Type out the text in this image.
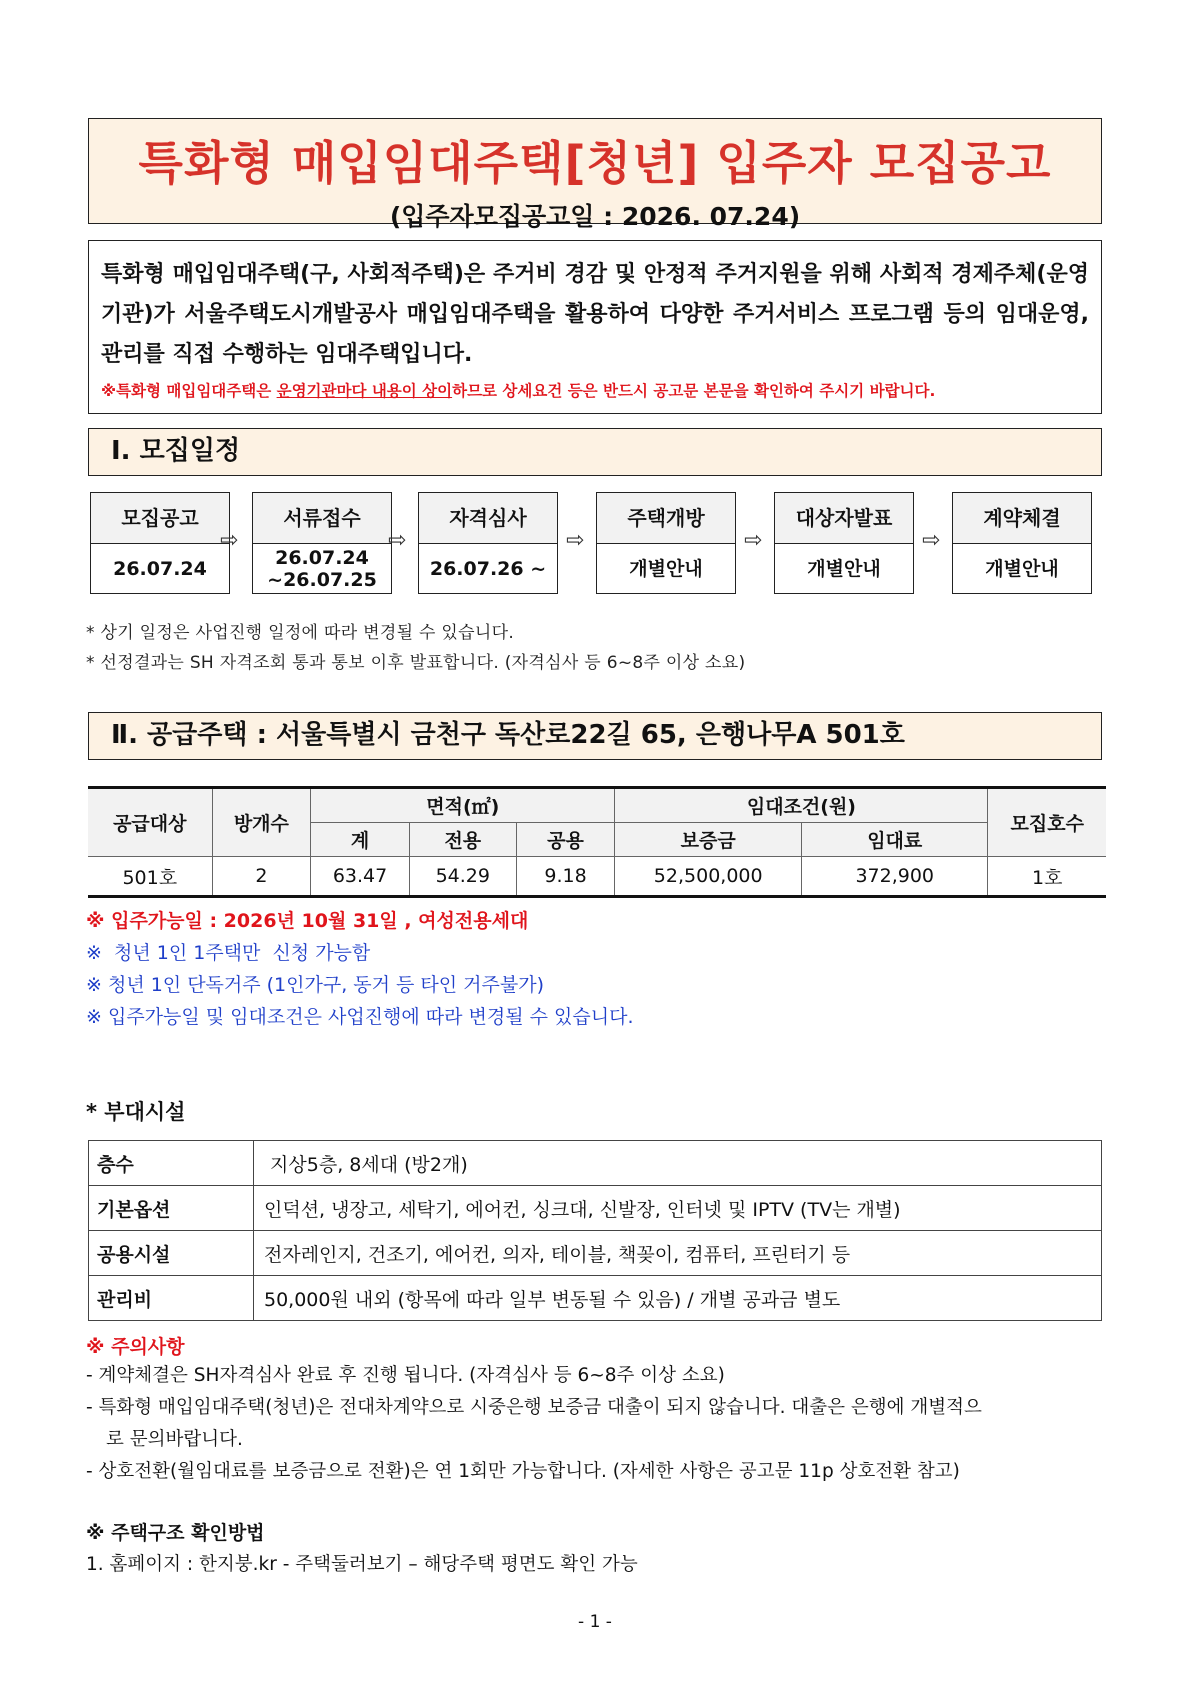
특화형 매입임대주택[청년] 입주자 모집공고
(입주자모집공고일 : 2026. 07.24)
특화형 매입임대주택(구, 사회적주택)은 주거비 경감 및 안정적 주거지원을 위해 사회적 경제주체(운영기관)가 서울주택도시개발공사 매입임대주택을 활용하여 다양한 주거서비스 프로그램 등의 임대운영, 관리를 직접 수행하는 임대주택입니다.
※특화형 매입임대주택은 운영기관마다 내용이 상이하므로 상세요건 등은 반드시 공고문 본문을 확인하여 주시기 바랍니다.
Ⅰ. 모집일정
모집공고
26.07.24
⇨
서류접수
26.07.24
~26.07.25
⇨
자격심사
26.07.26 ~
⇨
주택개방
개별안내
⇨
대상자발표
개별안내
⇨
계약체결
개별안내
* 상기 일정은 사업진행 일정에 따라 변경될 수 있습니다.
* 선정결과는 SH 자격조회 통과 통보 이후 발표합니다. (자격심사 등 6~8주 이상 소요)
Ⅱ. 공급주택 : 서울특별시 금천구 독산로22길 65, 은행나무A 501호
공급대상	방개수	면적(㎡)			임대조건(원)		모집호수
		계	전용	공용	보증금	임대료	
501호	2	63.47	54.29	9.18	52,500,000	372,900	1호
※ 입주가능일 : 2026년 10월 31일 , 여성전용세대
※  청년 1인 1주택만  신청 가능함
※ 청년 1인 단독거주 (1인가구, 동거 등 타인 거주불가)
※ 입주가능일 및 임대조건은 사업진행에 따라 변경될 수 있습니다.
* 부대시설
층수	지상5층, 8세대 (방2개)
기본옵션	인덕션, 냉장고, 세탁기, 에어컨, 싱크대, 신발장, 인터넷 및 IPTV (TV는 개별)
공용시설	전자레인지, 건조기, 에어컨, 의자, 테이블, 책꽂이, 컴퓨터, 프린터기 등
관리비	50,000원 내외 (항목에 따라 일부 변동될 수 있음) / 개별 공과금 별도
※ 주의사항
- 계약체결은 SH자격심사 완료 후 진행 됩니다. (자격심사 등 6~8주 이상 소요)
- 특화형 매입임대주택(청년)은 전대차계약으로 시중은행 보증금 대출이 되지 않습니다. 대출은 은행에 개별적으
로 문의바랍니다.
- 상호전환(월임대료를 보증금으로 전환)은 연 1회만 가능합니다. (자세한 사항은 공고문 11p 상호전환 참고)
※ 주택구조 확인방법
1. 홈페이지 : 한지붕.kr - 주택둘러보기 – 해당주택 평면도 확인 가능
- 1 -
